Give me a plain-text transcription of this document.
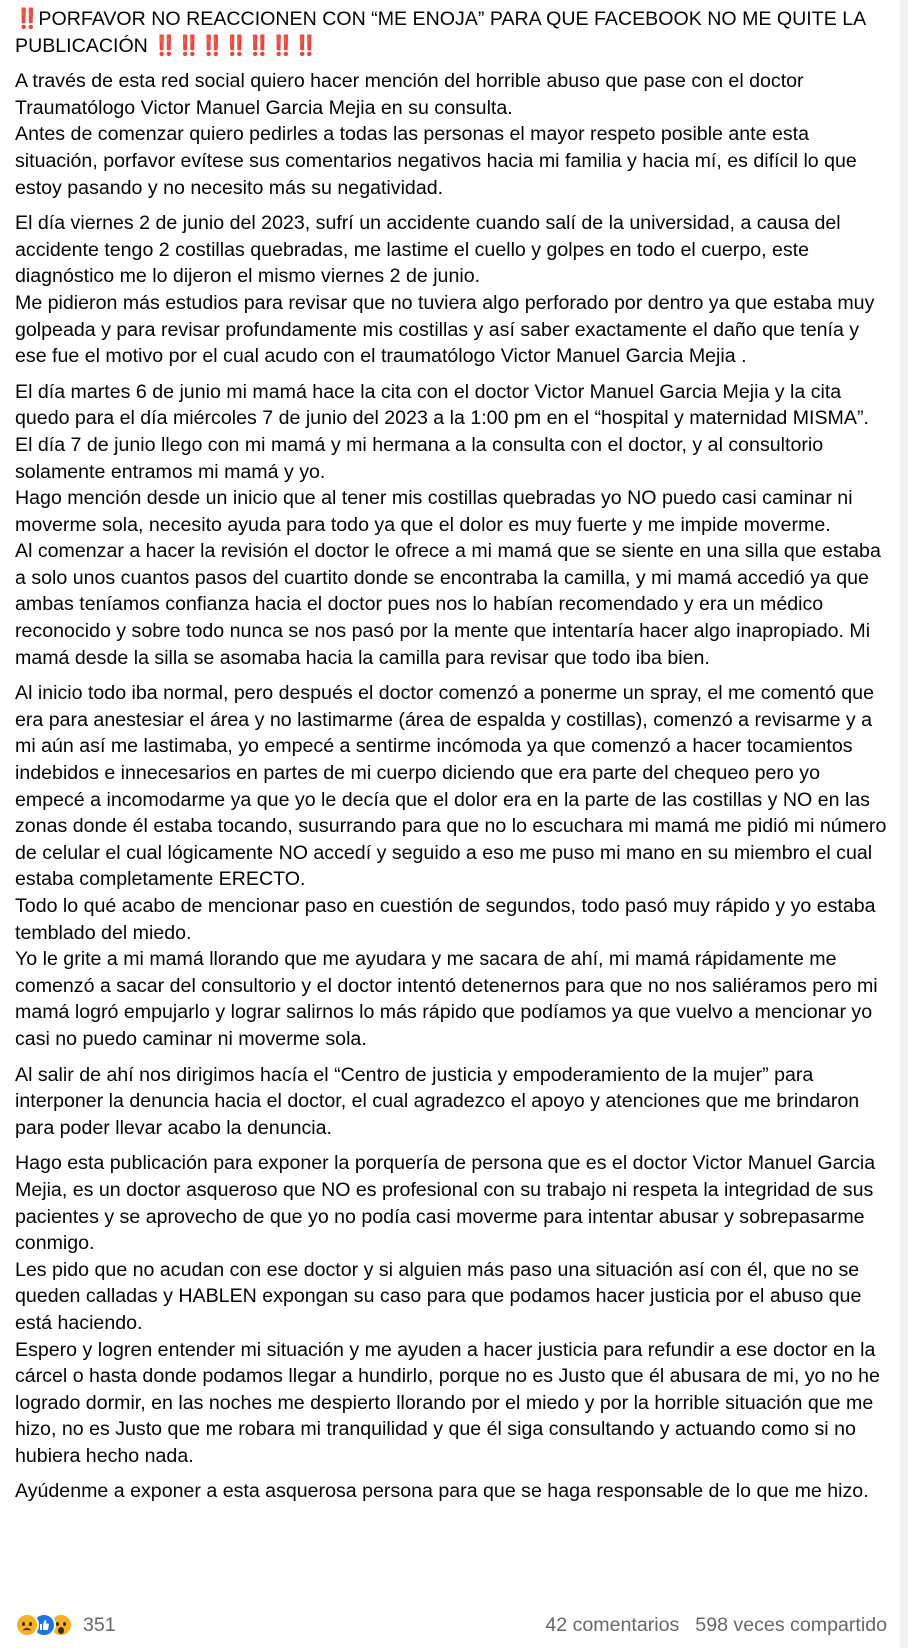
‼️PORFAVOR NO REACCIONEN CON “ME ENOJA” PARA QUE FACEBOOK NO ME QUITE LA PUBLICACIÓN ‼️‼️‼️‼️‼️‼️‼️

A través de esta red social quiero hacer mención del horrible abuso que pase con el doctor Traumatólogo Victor Manuel Garcia Mejia en su consulta.
Antes de comenzar quiero pedirles a todas las personas el mayor respeto posible ante esta situación, porfavor evítese sus comentarios negativos hacia mi familia y hacia mí, es difícil lo que estoy pasando y no necesito más su negatividad.

El día viernes 2 de junio del 2023, sufrí un accidente cuando salí de la universidad, a causa del accidente tengo 2 costillas quebradas, me lastime el cuello y golpes en todo el cuerpo, este diagnóstico me lo dijeron el mismo viernes 2 de junio.
Me pidieron más estudios para revisar que no tuviera algo perforado por dentro ya que estaba muy golpeada y para revisar profundamente mis costillas y así saber exactamente el daño que tenía y ese fue el motivo por el cual acudo con el traumatólogo Victor Manuel Garcia Mejia .

El día martes 6 de junio mi mamá hace la cita con el doctor Victor Manuel Garcia Mejia y la cita quedo para el día miércoles 7 de junio del 2023 a la 1:00 pm en el “hospital y maternidad MISMA”. El día 7 de junio llego con mi mamá y mi hermana a la consulta con el doctor, y al consultorio solamente entramos mi mamá y yo.
Hago mención desde un inicio que al tener mis costillas quebradas yo NO puedo casi caminar ni moverme sola, necesito ayuda para todo ya que el dolor es muy fuerte y me impide moverme.
Al comenzar a hacer la revisión el doctor le ofrece a mi mamá que se siente en una silla que estaba a solo unos cuantos pasos del cuartito donde se encontraba la camilla, y mi mamá accedió ya que ambas teníamos confianza hacia el doctor pues nos lo habían recomendado y era un médico reconocido y sobre todo nunca se nos pasó por la mente que intentaría hacer algo inapropiado. Mi mamá desde la silla se asomaba hacia la camilla para revisar que todo iba bien.

Al inicio todo iba normal, pero después el doctor comenzó a ponerme un spray, el me comentó que era para anestesiar el área y no lastimarme (área de espalda y costillas), comenzó a revisarme y a mi aún así me lastimaba, yo empecé a sentirme incómoda ya que comenzó a hacer tocamientos indebidos e innecesarios en partes de mi cuerpo diciendo que era parte del chequeo pero yo empecé a incomodarme ya que yo le decía que el dolor era en la parte de las costillas y NO en las zonas donde él estaba tocando, susurrando para que no lo escuchara mi mamá me pidió mi número de celular el cual lógicamente NO accedí y seguido a eso me puso mi mano en su miembro el cual estaba completamente ERECTO.
Todo lo qué acabo de mencionar paso en cuestión de segundos, todo pasó muy rápido y yo estaba temblado del miedo.
Yo le grite a mi mamá llorando que me ayudara y me sacara de ahí, mi mamá rápidamente me comenzó a sacar del consultorio y el doctor intentó detenernos para que no nos saliéramos pero mi mamá logró empujarlo y lograr salirnos lo más rápido que podíamos ya que vuelvo a mencionar yo casi no puedo caminar ni moverme sola.

Al salir de ahí nos dirigimos hacía el “Centro de justicia y empoderamiento de la mujer” para interponer la denuncia hacia el doctor, el cual agradezco el apoyo y atenciones que me brindaron para poder llevar acabo la denuncia.

Hago esta publicación para exponer la porquería de persona que es el doctor Victor Manuel Garcia Mejia, es un doctor asqueroso que NO es profesional con su trabajo ni respeta la integridad de sus pacientes y se aprovecho de que yo no podía casi moverme para intentar abusar y sobrepasarme conmigo.
Les pido que no acudan con ese doctor y si alguien más paso una situación así con él, que no se queden calladas y HABLEN expongan su caso para que podamos hacer justicia por el abuso que está haciendo.
Espero y logren entender mi situación y me ayuden a hacer justicia para refundir a ese doctor en la cárcel o hasta donde podamos llegar a hundirlo, porque no es Justo que él abusara de mi, yo no he logrado dormir, en las noches me despierto llorando por el miedo y por la horrible situación que me hizo, no es Justo que me robara mi tranquilidad y que él siga consultando y actuando como si no hubiera hecho nada.

Ayúdenme a exponer a esta asquerosa persona para que se haga responsable de lo que me hizo.

351	42 comentarios 598 veces compartido
